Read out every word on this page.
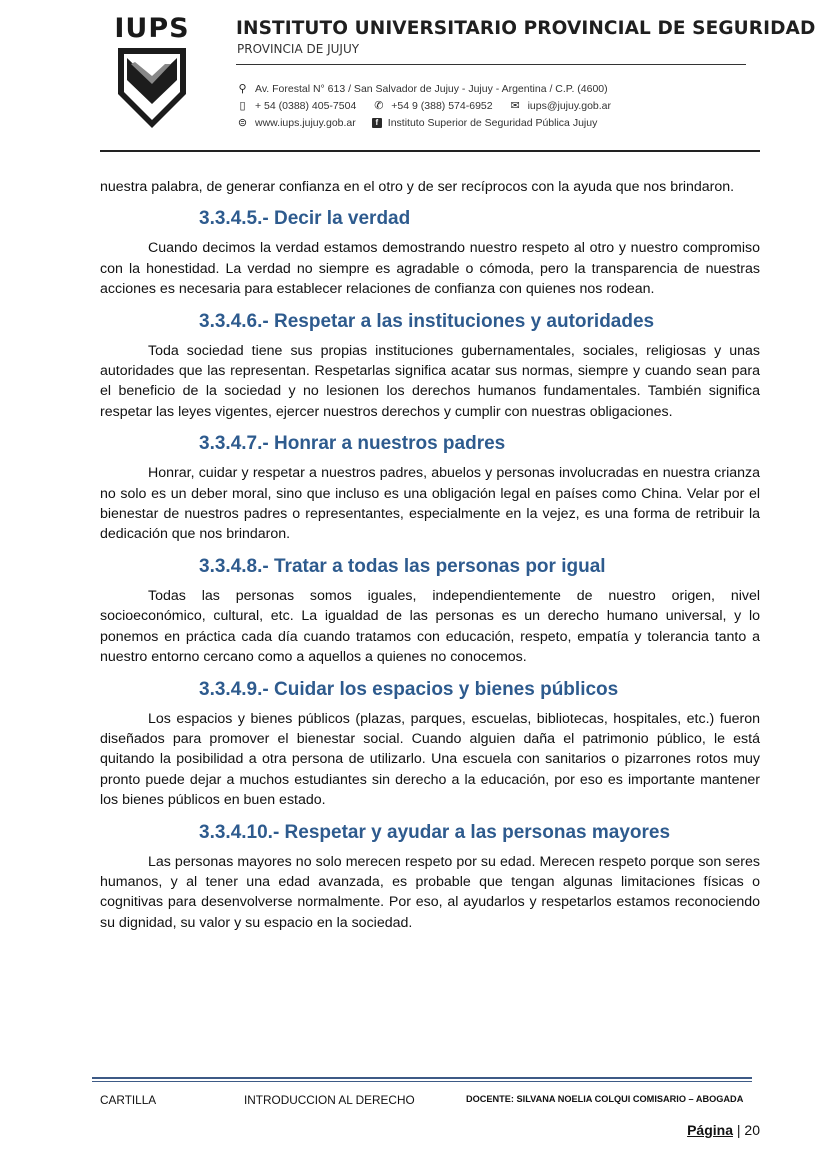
IUPS	INSTITUTO UNIVERSITARIO PROVINCIAL DE SEGURIDAD
PROVINCIA DE JUJUY
⚲ Av. Forestal N° 613 / San Salvador de Jujuy - Jujuy - Argentina / C.P. (4600)
▯ + 54 (0388) 405-7504 ✆ +54 9 (388) 574-6952 ✉ iups@jujuy.gob.ar
⊜ www.iups.jujuy.gob.ar	f Instituto Superior de Seguridad Pública Jujuy

nuestra palabra, de generar confianza en el otro y de ser recíprocos con la ayuda que nos brindaron.

3.3.4.5.- Decir la verdad

Cuando decimos la verdad estamos demostrando nuestro respeto al otro y nuestro compromiso con la honestidad. La verdad no siempre es agradable o cómoda, pero la transparencia de nuestras acciones es necesaria para establecer relaciones de confianza con quienes nos rodean.

3.3.4.6.- Respetar a las instituciones y autoridades

Toda sociedad tiene sus propias instituciones gubernamentales, sociales, religiosas y unas autoridades que las representan. Respetarlas significa acatar sus normas, siempre y cuando sean para el beneficio de la sociedad y no lesionen los derechos humanos fundamentales. También significa respetar las leyes vigentes, ejercer nuestros derechos y cumplir con nuestras obligaciones.

3.3.4.7.- Honrar a nuestros padres

Honrar, cuidar y respetar a nuestros padres, abuelos y personas involucradas en nuestra crianza no solo es un deber moral, sino que incluso es una obligación legal en países como China. Velar por el bienestar de nuestros padres o representantes, especialmente en la vejez, es una forma de retribuir la dedicación que nos brindaron.

3.3.4.8.- Tratar a todas las personas por igual

Todas las personas somos iguales, independientemente de nuestro origen, nivel socioeconómico, cultural, etc. La igualdad de las personas es un derecho humano universal, y lo ponemos en práctica cada día cuando tratamos con educación, respeto, empatía y tolerancia tanto a nuestro entorno cercano como a aquellos a quienes no conocemos.

3.3.4.9.- Cuidar los espacios y bienes públicos

Los espacios y bienes públicos (plazas, parques, escuelas, bibliotecas, hospitales, etc.) fueron diseñados para promover el bienestar social. Cuando alguien daña el patrimonio público, le está quitando la posibilidad a otra persona de utilizarlo. Una escuela con sanitarios o pizarrones rotos muy pronto puede dejar a muchos estudiantes sin derecho a la educación, por eso es importante mantener los bienes públicos en buen estado.

3.3.4.10.- Respetar y ayudar a las personas mayores

Las personas mayores no solo merecen respeto por su edad. Merecen respeto porque son seres humanos, y al tener una edad avanzada, es probable que tengan algunas limitaciones físicas o cognitivas para desenvolverse normalmente. Por eso, al ayudarlos y respetarlos estamos reconociendo su dignidad, su valor y su espacio en la sociedad.

CARTILLA	INTRODUCCION AL DERECHO	DOCENTE: SILVANA NOELIA COLQUI COMISARIO – ABOGADA
Página | 20
